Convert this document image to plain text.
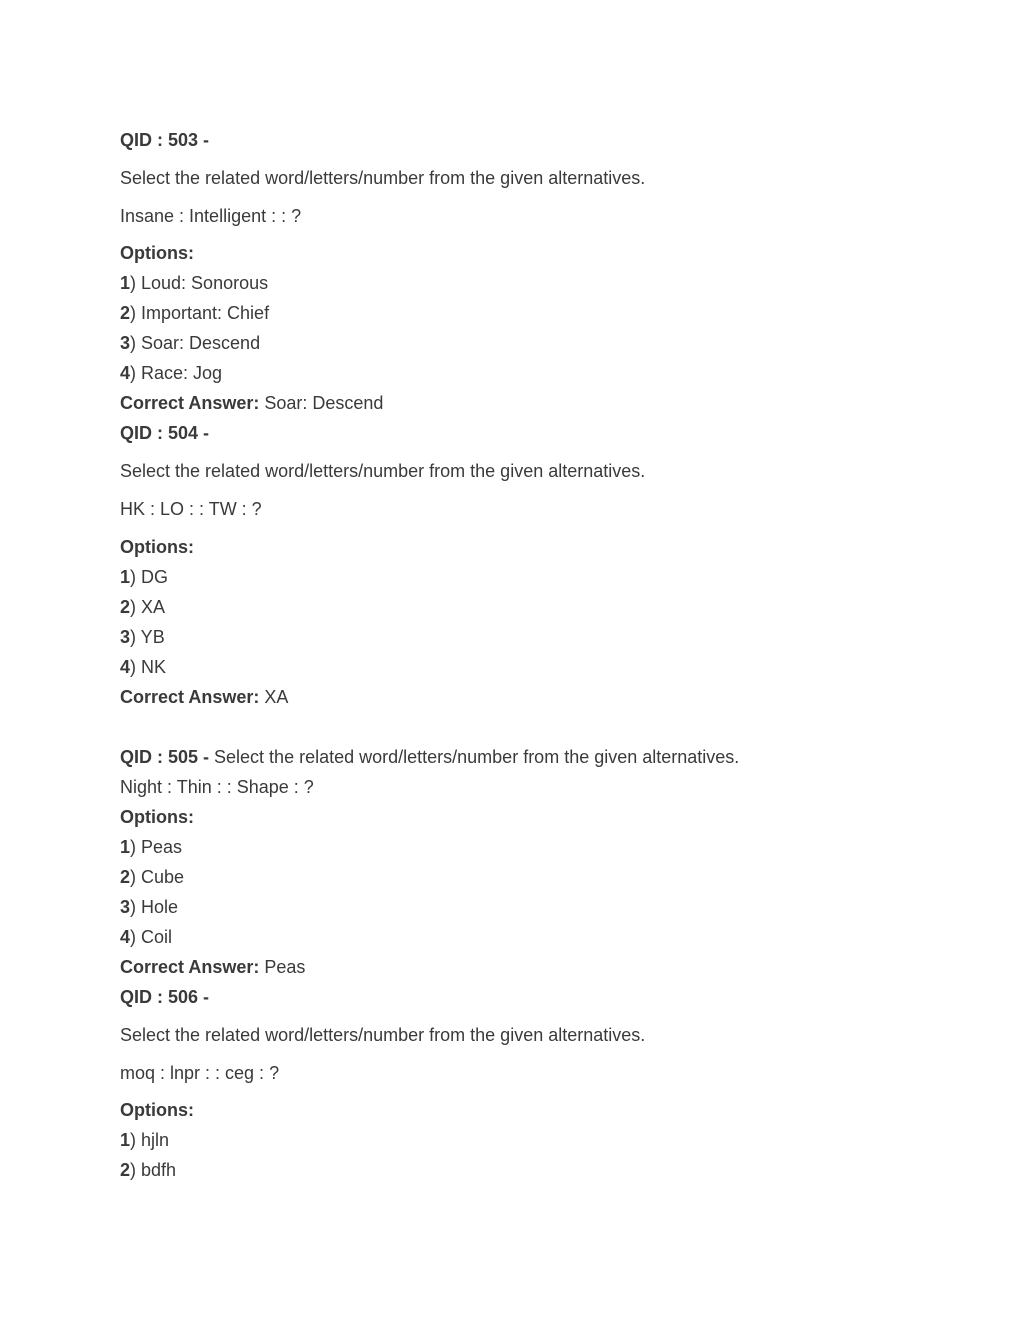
QID : 503 -
Select the related word/letters/number from the given alternatives.
Insane : Intelligent : : ?
Options:
1) Loud: Sonorous
2) Important: Chief
3) Soar: Descend
4) Race: Jog
Correct Answer: Soar: Descend
QID : 504 -
Select the related word/letters/number from the given alternatives.
HK : LO : : TW : ?
Options:
1) DG
2) XA
3) YB
4) NK
Correct Answer: XA
QID : 505 - Select the related word/letters/number from the given alternatives.
Night : Thin : : Shape : ?
Options:
1) Peas
2) Cube
3) Hole
4) Coil
Correct Answer: Peas
QID : 506 -
Select the related word/letters/number from the given alternatives.
moq : lnpr : : ceg : ?
Options:
1) hjln
2) bdfh
